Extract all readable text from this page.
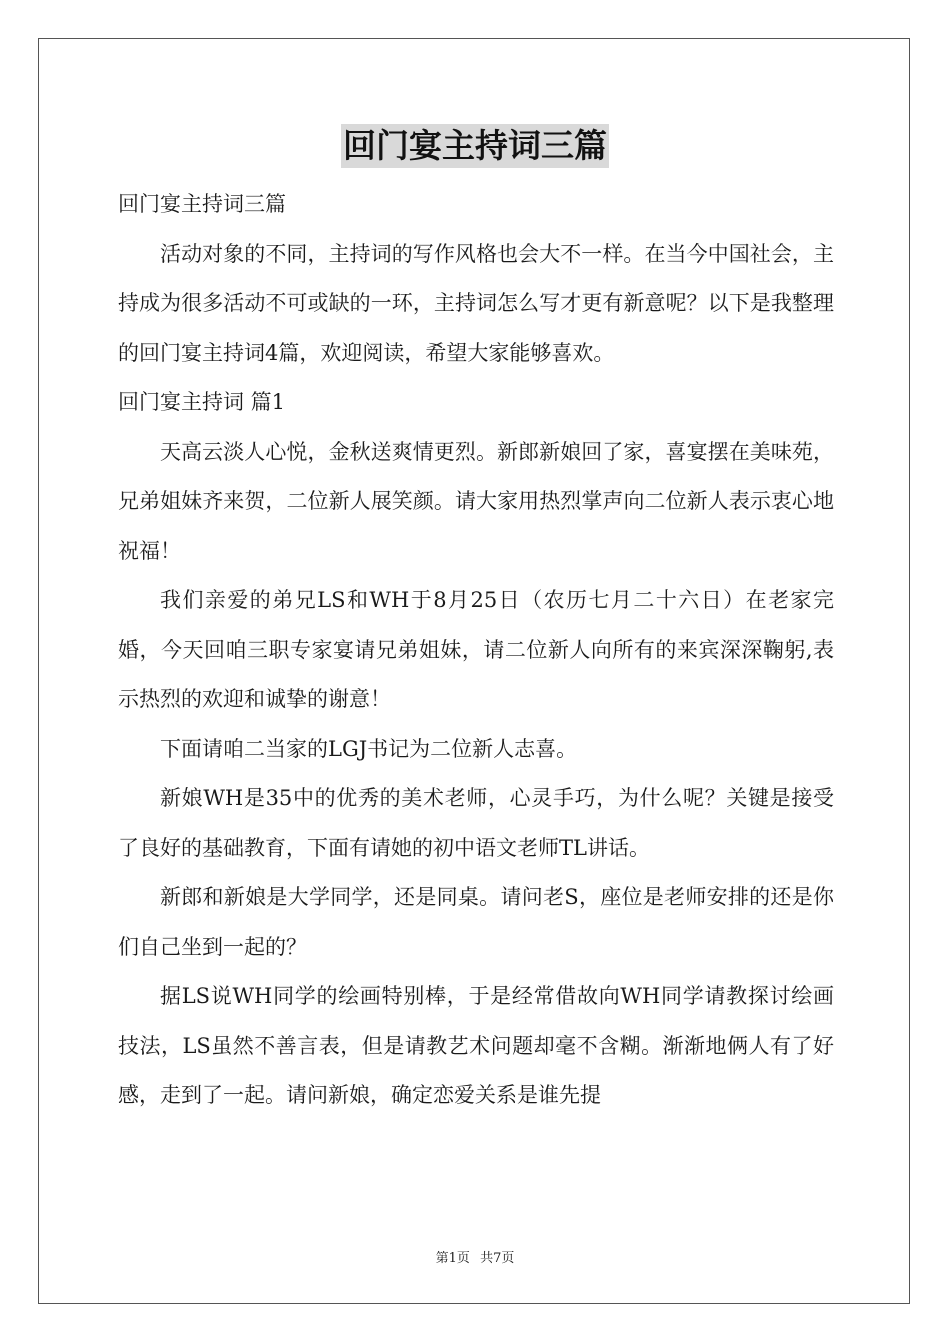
回门宴主持词三篇

回门宴主持词三篇

活动对象的不同，主持词的写作风格也会大不一样。在当今中国社会，主持成为很多活动不可或缺的一环，主持词怎么写才更有新意呢？以下是我整理的回门宴主持词4篇，欢迎阅读，希望大家能够喜欢。

回门宴主持词 篇1

天高云淡人心悦，金秋送爽情更烈。新郎新娘回了家，喜宴摆在美味苑，兄弟姐妹齐来贺，二位新人展笑颜。请大家用热烈掌声向二位新人表示衷心地祝福！

我们亲爱的弟兄LS和WH于8月25日（农历七月二十六日）在老家完婚，今天回咱三职专家宴请兄弟姐妹，请二位新人向所有的来宾深深鞠躬,表示热烈的欢迎和诚挚的谢意！

下面请咱二当家的LGJ书记为二位新人志喜。

新娘WH是35中的优秀的美术老师，心灵手巧，为什么呢？关键是接受了良好的基础教育，下面有请她的初中语文老师TL讲话。

新郎和新娘是大学同学，还是同桌。请问老S，座位是老师安排的还是你们自己坐到一起的？

据LS说WH同学的绘画特别棒，于是经常借故向WH同学请教探讨绘画技法，LS虽然不善言表，但是请教艺术问题却毫不含糊。渐渐地俩人有了好感，走到了一起。请问新娘，确定恋爱关系是谁先提

第1页 共7页
